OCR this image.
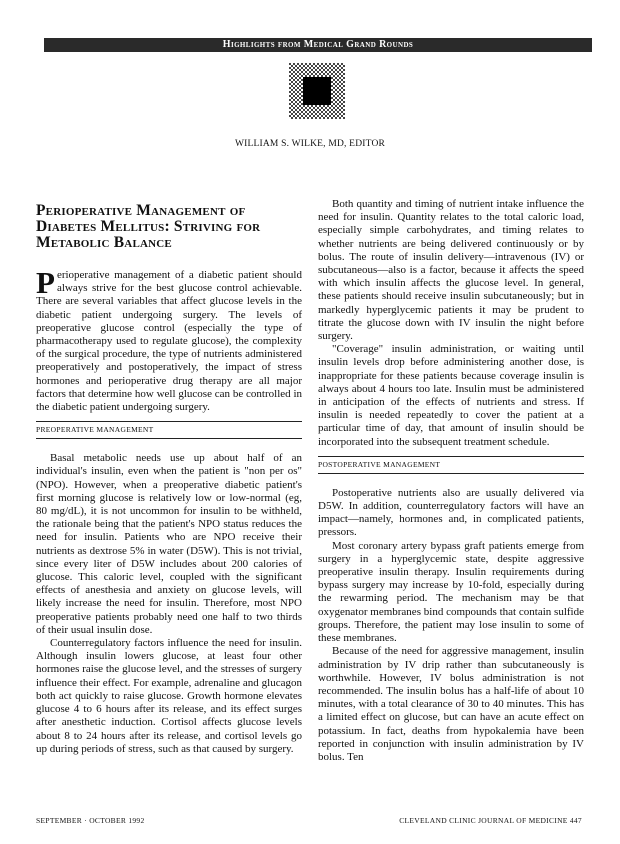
Highlights from Medical Grand Rounds
WILLIAM S. WILKE, MD, EDITOR
Perioperative Management of
Diabetes Mellitus: Striving for
Metabolic Balance

Perioperative management of a diabetic patient should always strive for the best glucose control achievable. There are several variables that affect glucose levels in the diabetic patient undergoing surgery. The levels of preoperative glucose control (especially the type of pharmacotherapy used to regulate glucose), the complexity of the surgical procedure, the type of nutrients administered preoperatively and postoperatively, the impact of stress hormones and perioperative drug therapy are all major factors that determine how well glucose can be controlled in the diabetic patient undergoing surgery.

PREOPERATIVE MANAGEMENT

Basal metabolic needs use up about half of an individual's insulin, even when the patient is "non per os" (NPO). However, when a preoperative diabetic patient's first morning glucose is relatively low or low-normal (eg, 80 mg/dL), it is not uncommon for insulin to be withheld, the rationale being that the patient's NPO status reduces the need for insulin. Patients who are NPO receive their nutrients as dextrose 5% in water (D5W). This is not trivial, since every liter of D5W includes about 200 calories of glucose. This caloric level, coupled with the significant effects of anesthesia and anxiety on glucose levels, will likely increase the need for insulin. Therefore, most NPO preoperative patients probably need one half to two thirds of their usual insulin dose.

Counterregulatory factors influence the need for insulin. Although insulin lowers glucose, at least four other hormones raise the glucose level, and the stresses of surgery influence their effect. For example, adrenaline and glucagon both act quickly to raise glucose. Growth hormone elevates glucose 4 to 6 hours after its release, and its effect surges after anesthetic induction. Cortisol affects glucose levels about 8 to 24 hours after its release, and cortisol levels go up during periods of stress, such as that caused by surgery.

Both quantity and timing of nutrient intake influence the need for insulin. Quantity relates to the total caloric load, especially simple carbohydrates, and timing relates to whether nutrients are being delivered continuously or by bolus. The route of insulin delivery—intravenous (IV) or subcutaneous—also is a factor, because it affects the speed with which insulin affects the glucose level. In general, these patients should receive insulin subcutaneously; but in markedly hyperglycemic patients it may be prudent to titrate the glucose down with IV insulin the night before surgery.

"Coverage" insulin administration, or waiting until insulin levels drop before administering another dose, is inappropriate for these patients because coverage insulin is always about 4 hours too late. Insulin must be administered in anticipation of the effects of nutrients and stress. If insulin is needed repeatedly to cover the patient at a particular time of day, that amount of insulin should be incorporated into the subsequent treatment schedule.

POSTOPERATIVE MANAGEMENT

Postoperative nutrients also are usually delivered via D5W. In addition, counterregulatory factors will have an impact—namely, hormones and, in complicated patients, pressors.

Most coronary artery bypass graft patients emerge from surgery in a hyperglycemic state, despite aggressive preoperative insulin therapy. Insulin requirements during bypass surgery may increase by 10-fold, especially during the rewarming period. The mechanism may be that oxygenator membranes bind compounds that contain sulfide groups. Therefore, the patient may lose insulin to some of these membranes.

Because of the need for aggressive management, insulin administration by IV drip rather than subcutaneously is worthwhile. However, IV bolus administration is not recommended. The insulin bolus has a half-life of about 10 minutes, with a total clearance of 30 to 40 minutes. This has a limited effect on glucose, but can have an acute effect on potassium. In fact, deaths from hypokalemia have been reported in conjunction with insulin administration by IV bolus. Ten

SEPTEMBER · OCTOBER 1992	CLEVELAND CLINIC JOURNAL OF MEDICINE 447
